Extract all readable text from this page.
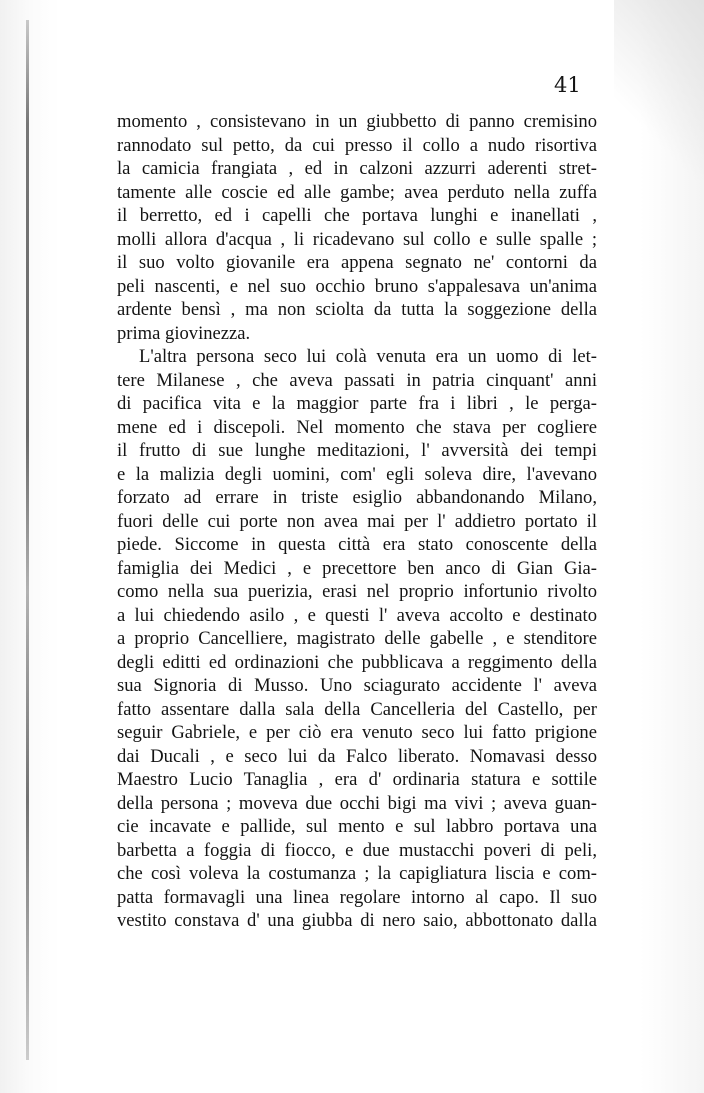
41
momento , consistevano in un giubbetto di panno cremisino
rannodato sul petto, da cui presso il collo a nudo risortiva
la camicia frangiata , ed in calzoni azzurri aderenti stret-
tamente alle coscie ed alle gambe; avea perduto nella zuffa
il berretto, ed i capelli che portava lunghi e inanellati ,
molli allora d'acqua , li ricadevano sul collo e sulle spalle ;
il suo volto giovanile era appena segnato ne' contorni da
peli nascenti, e nel suo occhio bruno s'appalesava un'anima
ardente bensì , ma non sciolta da tutta la soggezione della
prima giovinezza.
L'altra persona seco lui colà venuta era un uomo di let-
tere Milanese , che aveva passati in patria cinquant' anni
di pacifica vita e la maggior parte fra i libri , le perga-
mene ed i discepoli. Nel momento che stava per cogliere
il frutto di sue lunghe meditazioni, l' avversità dei tempi
e la malizia degli uomini, com' egli soleva dire, l'avevano
forzato ad errare in triste esiglio abbandonando Milano,
fuori delle cui porte non avea mai per l' addietro portato il
piede. Siccome in questa città era stato conoscente della
famiglia dei Medici , e precettore ben anco di Gian Gia-
como nella sua puerizia, erasi nel proprio infortunio rivolto
a lui chiedendo asilo , e questi l' aveva accolto e destinato
a proprio Cancelliere, magistrato delle gabelle , e stenditore
degli editti ed ordinazioni che pubblicava a reggimento della
sua Signoria di Musso. Uno sciagurato accidente l' aveva
fatto assentare dalla sala della Cancelleria del Castello, per
seguir Gabriele, e per ciò era venuto seco lui fatto prigione
dai Ducali , e seco lui da Falco liberato. Nomavasi desso
Maestro Lucio Tanaglia , era d' ordinaria statura e sottile
della persona ; moveva due occhi bigi ma vivi ; aveva guan-
cie incavate e pallide, sul mento e sul labbro portava una
barbetta a foggia di fiocco, e due mustacchi poveri di peli,
che così voleva la costumanza ; la capigliatura liscia e com-
patta formavagli una linea regolare intorno al capo. Il suo
vestito constava d' una giubba di nero saio, abbottonato dalla
